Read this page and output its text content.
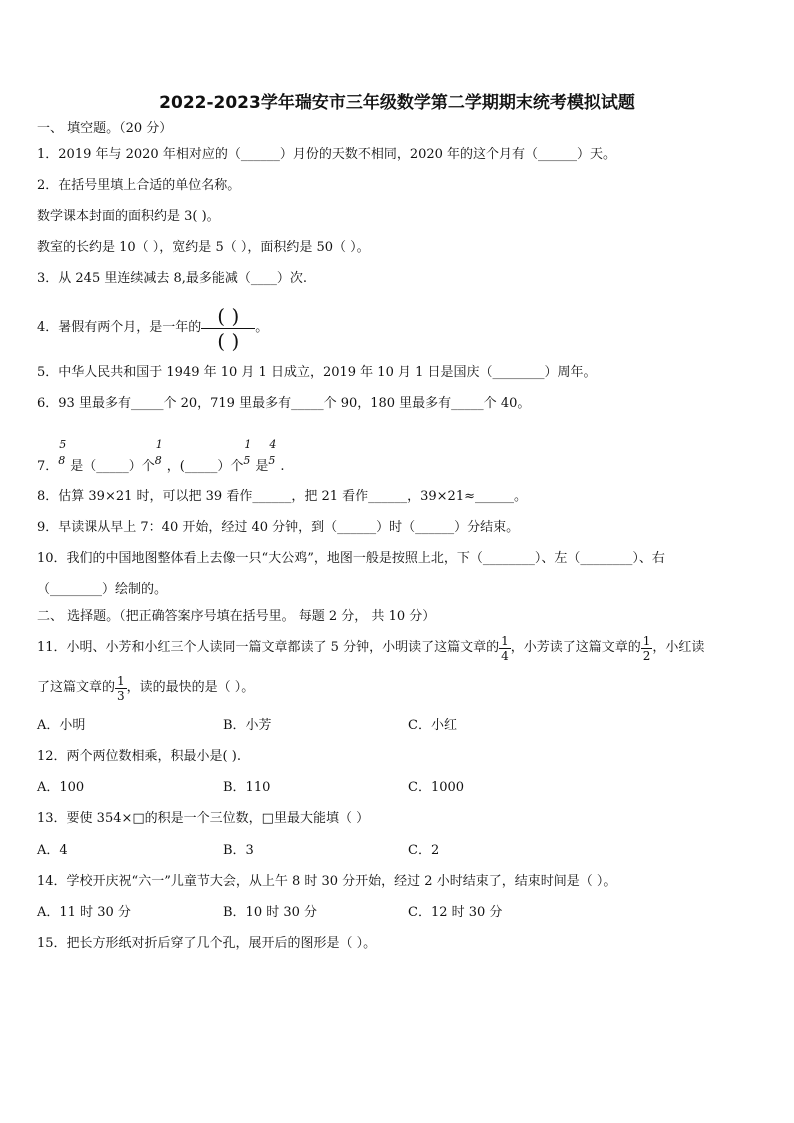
2022-2023学年瑞安市三年级数学第二学期期末统考模拟试题
一、 填空题。（20 分）
1．2019 年与 2020 年相对应的（______）月份的天数不相同，2020 年的这个月有（______）天。
2．在括号里填上合适的单位名称。
数学课本封面的面积约是 3( )。
教室的长约是 10（ ），宽约是 5（ ），面积约是 50（ ）。
3．从 245 里连续减去 8,最多能减（____）次.
4．暑假有两个月，是一年的 $\frac{( )}{( )}$ 。
5．中华人民共和国于 1949 年 10 月 1 日成立，2019 年 10 月 1 日是国庆（________）周年。
6．93 里最多有_____个 20，719 里最多有_____个 90，180 里最多有_____个 40。
7．
5
8 是（_____）个
1
8 ，(_____）个
1
5 是
4
5 .
8．估算 39×21 时，可以把 39 看作______，把 21 看作______，39×21≈______。
9．早读课从早上 7：40 开始，经过 40 分钟，到（______）时（______）分结束。
10．我们的中国地图整体看上去像一只“大公鸡”，地图一般是按照上北，下（________）、左（________）、右
（________）绘制的。
二、 选择题。（把正确答案序号填在括号里。 每题 2 分， 共 10 分）
11．小明、小芳和小红三个人读同一篇文章都读了 5 分钟，小明读了这篇文章的 $\frac{1}{4}$ ，小芳读了这篇文章的 $\frac{1}{2}$ ，小红读
了这篇文章的 $\frac{1}{3}$ ，读的最快的是（ ）。
A．小明	B．小芳	C．小红
12．两个两位数相乘，积最小是( ).
A．100	B．110	C．1000
13．要使 354×□的积是一个三位数，□里最大能填（ ）
A．4	B．3	C．2
14．学校开庆祝“六一”儿童节大会，从上午 8 时 30 分开始，经过 2 小时结束了，结束时间是（ ）。
A．11 时 30 分	B．10 时 30 分	C．12 时 30 分
15．把长方形纸对折后穿了几个孔，展开后的图形是（ ）。
